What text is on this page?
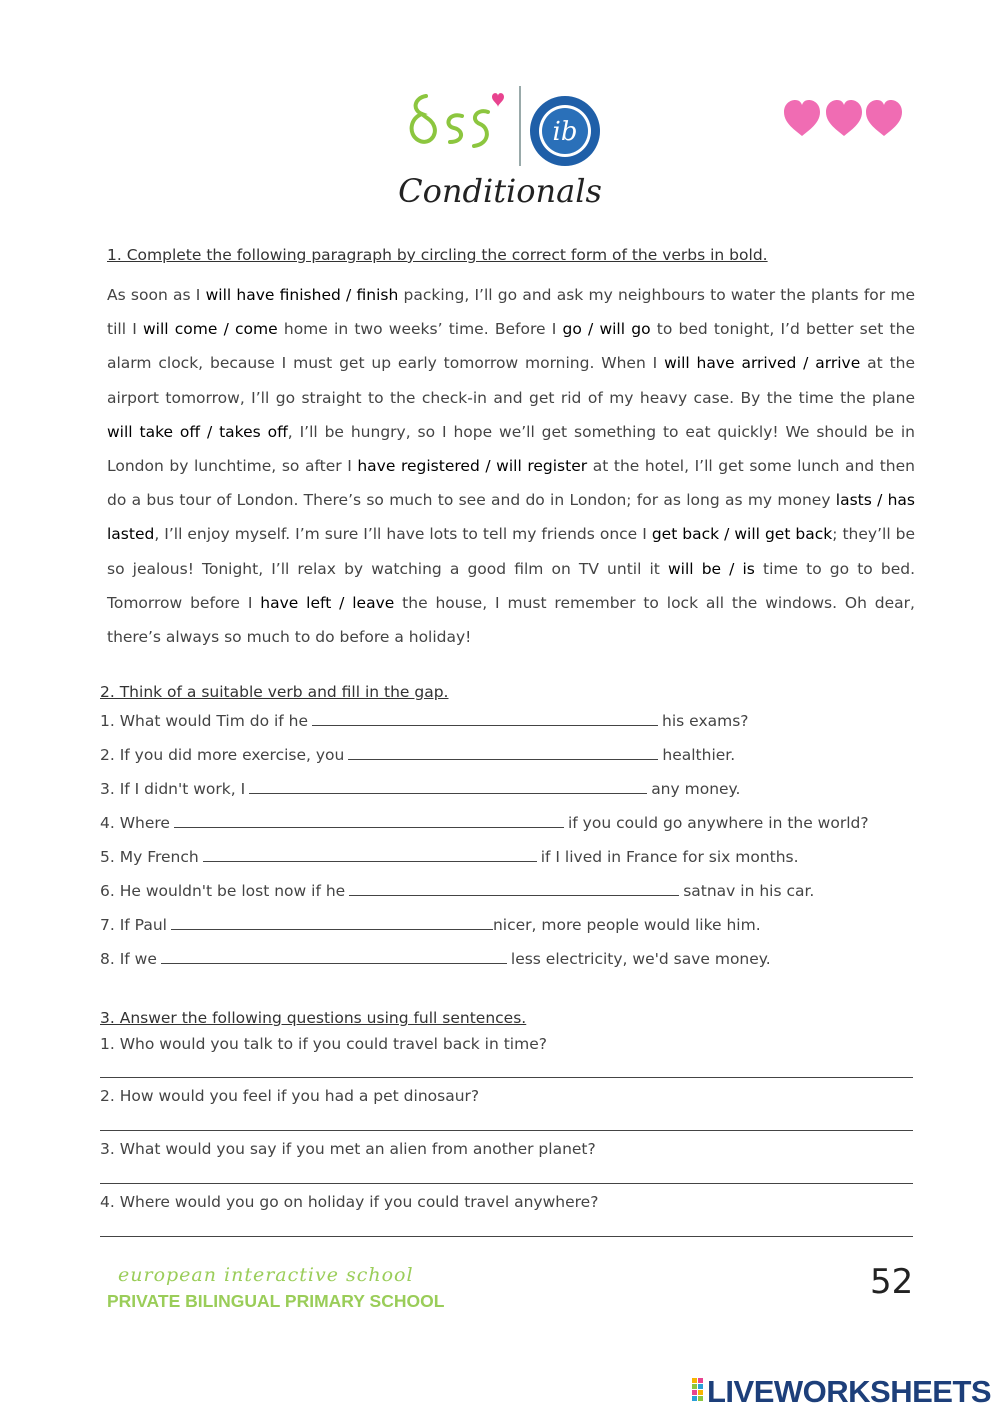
ib
Conditionals
1. Complete the following paragraph by circling the correct form of the verbs in bold.
As soon as I will have finished / finish packing, I’ll go and ask my neighbours to water the plants for me till I will come / come home in two weeks’ time. Before I go / will go to bed tonight, I’d better set the alarm clock, because I must get up early tomorrow morning. When I will have arrived / arrive at the airport tomorrow, I’ll go straight to the check-in and get rid of my heavy case. By the time the plane will take off / takes off, I’ll be hungry, so I hope we’ll get something to eat quickly! We should be in London by lunchtime, so after I have registered / will register at the hotel, I’ll get some lunch and then do a bus tour of London. There’s so much to see and do in London; for as long as my money lasts / has lasted, I’ll enjoy myself. I’m sure I’ll have lots to tell my friends once I get back / will get back; they’ll be so jealous! Tonight, I’ll relax by watching a good film on TV until it will be / is time to go to bed. Tomorrow before I have left / leave the house, I must remember to lock all the windows. Oh dear, there’s always so much to do before a holiday!
2. Think of a suitable verb and fill in the gap.
1. What would Tim do if he	his exams?
2. If you did more exercise, you	healthier.
3. If I didn't work, I	any money.
4. Where	if you could go anywhere in the world?
5. My French	if I lived in France for six months.
6. He wouldn't be lost now if he	satnav in his car.
7. If Paul	nicer, more people would like him.
8. If we	less electricity, we'd save money.
3. Answer the following questions using full sentences.
1. Who would you talk to if you could travel back in time?
2. How would you feel if you had a pet dinosaur?
3. What would you say if you met an alien from another planet?
4. Where would you go on holiday if you could travel anywhere?
european interactive school
PRIVATE BILINGUAL PRIMARY SCHOOL	52
LIVEWORKSHEETS
